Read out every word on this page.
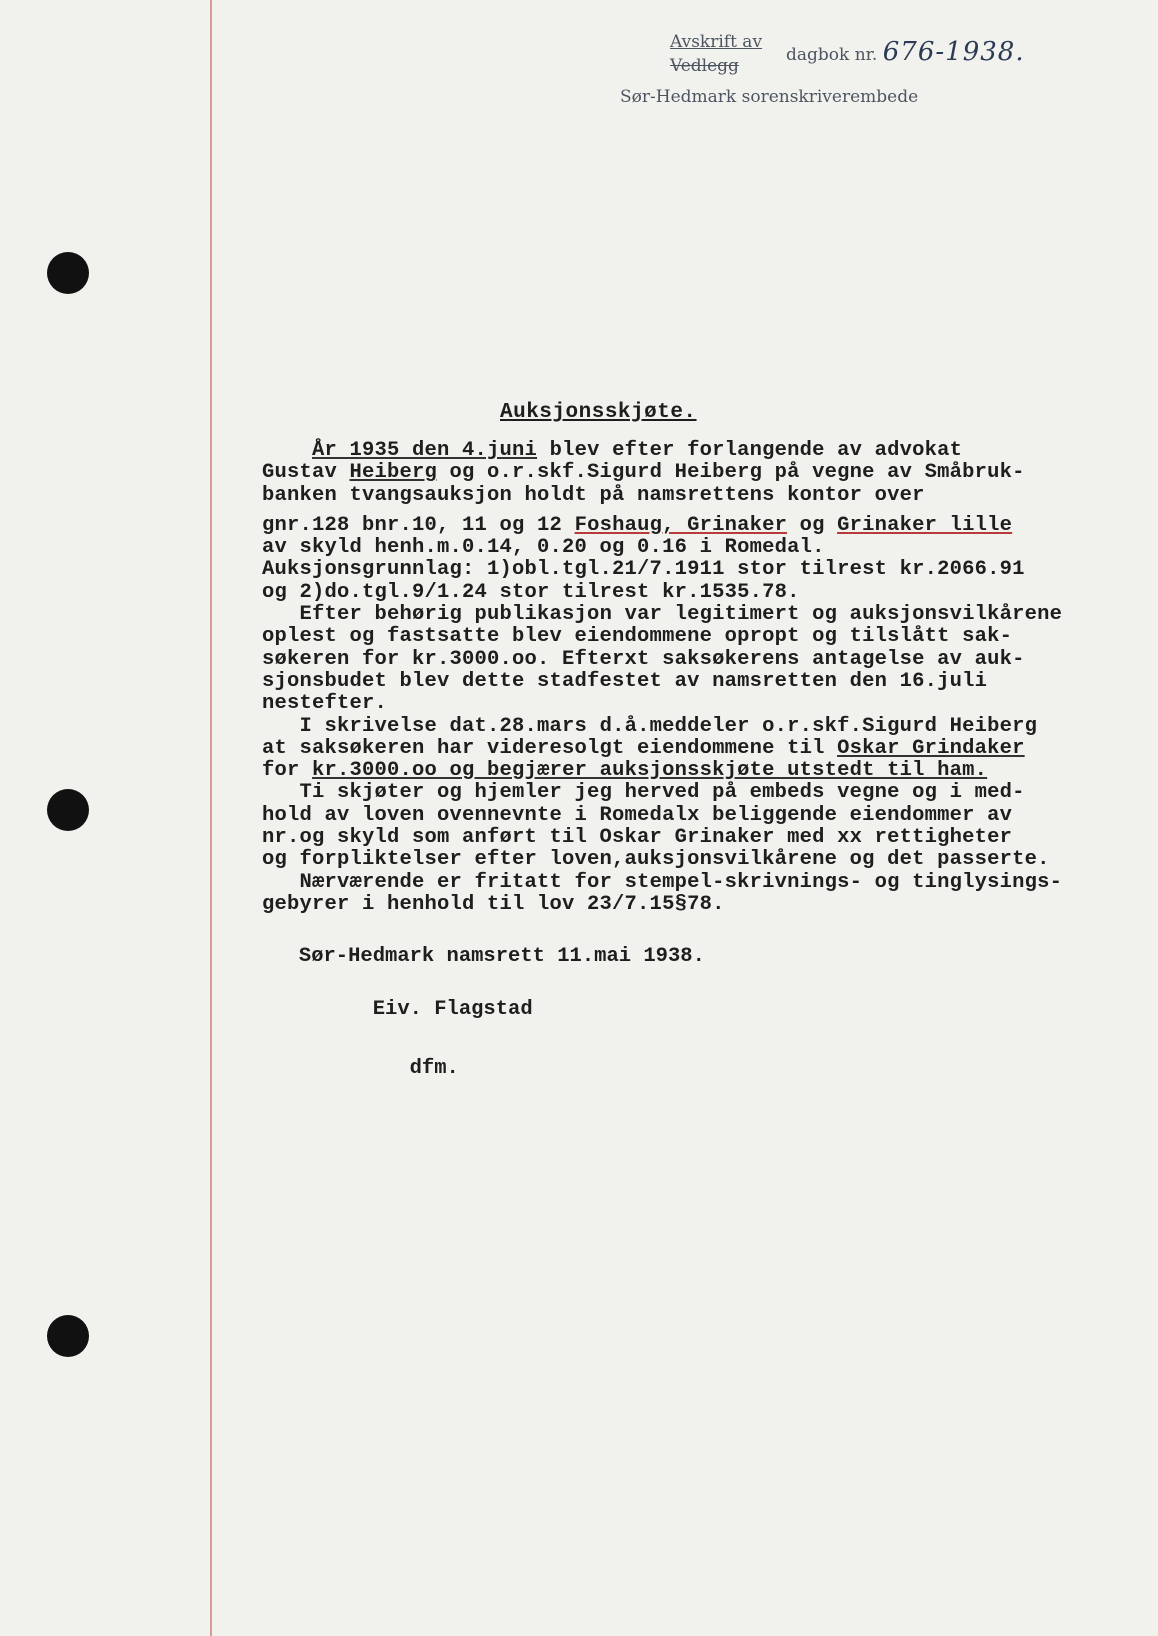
Avskrift av
Vedlegg
dagbok nr. 676-1938.
Sør-Hedmark sorenskriverembede
Auksjonsskjøte.
År 1935 den 4.juni blev efter forlangende av advokat
Gustav Heiberg og o.r.skf.Sigurd Heiberg på vegne av Småbruk-
banken tvangsauksjon holdt på namsrettens kontor over
gnr.128 bnr.10, 11 og 12 Foshaug, Grinaker og Grinaker lille
av skyld henh.m.0.14, 0.20 og 0.16 i Romedal.
Auksjonsgrunnlag: 1)obl.tgl.21/7.1911 stor tilrest kr.2066.91
og 2)do.tgl.9/1.24 stor tilrest kr.1535.78.
Efter behørig publikasjon var legitimert og auksjonsvilkårene
oplest og fastsatte blev eiendommene opropt og tilslått sak-
søkeren for kr.3000.oo. Efterxt saksøkerens antagelse av auk-
sjonsbudet blev dette stadfestet av namsretten den 16.juli
nestefter.
I skrivelse dat.28.mars d.å.meddeler o.r.skf.Sigurd Heiberg
at saksøkeren har videresolgt eiendommene til Oskar Grindaker
for kr.3000.oo og begjærer auksjonsskjøte utstedt til ham.
Ti skjøter og hjemler jeg herved på embeds vegne og i med-
hold av loven ovennevnte i Romedalx beliggende eiendommer av
nr.og skyld som anført til Oskar Grinaker med xx rettigheter
og forpliktelser efter loven,auksjonsvilkårene og det passerte.
Nærværende er fritatt for stempel-skrivnings- og tinglysings-
gebyrer i henhold til lov 23/7.15§78.
Sør-Hedmark namsrett 11.mai 1938.
Eiv. Flagstad
dfm.
